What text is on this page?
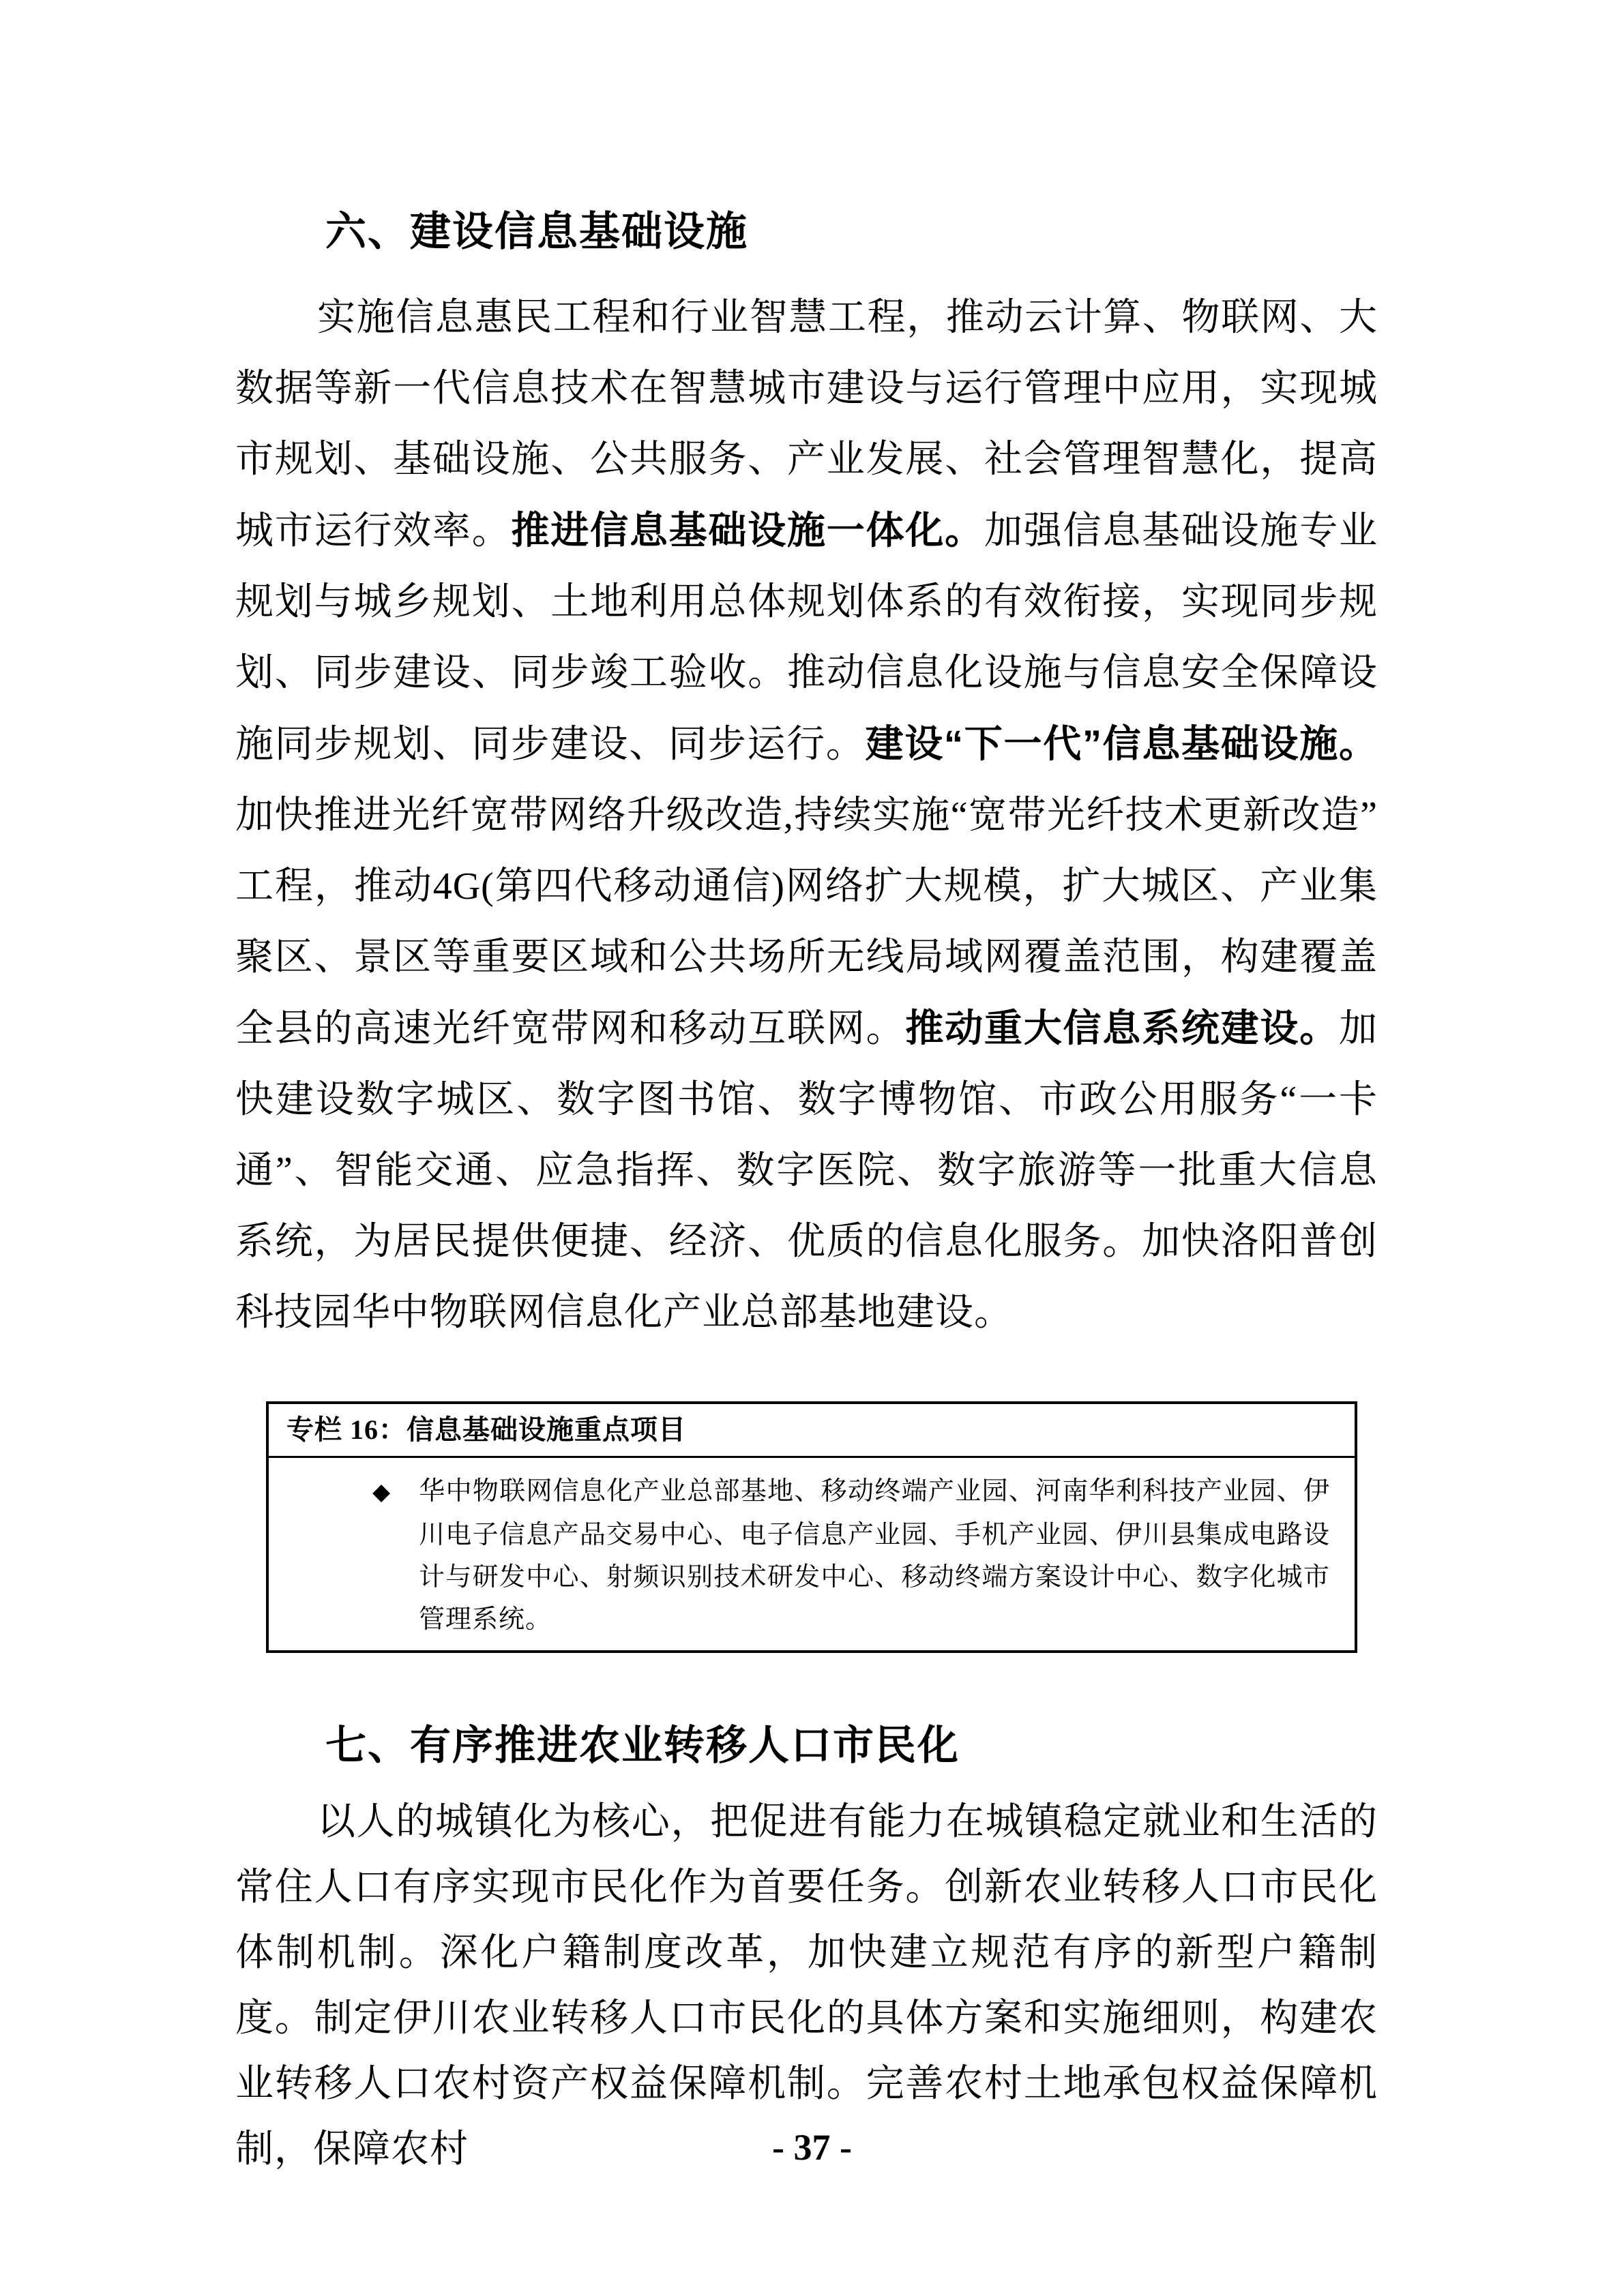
六、建设信息基础设施

实施信息惠民工程和行业智慧工程，推动云计算、物联网、大数据等新一代信息技术在智慧城市建设与运行管理中应用，实现城市规划、基础设施、公共服务、产业发展、社会管理智慧化，提高城市运行效率。推进信息基础设施一体化。加强信息基础设施专业规划与城乡规划、土地利用总体规划体系的有效衔接，实现同步规划、同步建设、同步竣工验收。推动信息化设施与信息安全保障设施同步规划、同步建设、同步运行。建设“下一代”信息基础设施。加快推进光纤宽带网络升级改造,持续实施“宽带光纤技术更新改造”工程，推动4G(第四代移动通信)网络扩大规模，扩大城区、产业集聚区、景区等重要区域和公共场所无线局域网覆盖范围，构建覆盖全县的高速光纤宽带网和移动互联网。推动重大信息系统建设。加快建设数字城区、数字图书馆、数字博物馆、市政公用服务“一卡通”、智能交通、应急指挥、数字医院、数字旅游等一批重大信息系统，为居民提供便捷、经济、优质的信息化服务。加快洛阳普创科技园华中物联网信息化产业总部基地建设。

专栏 16：信息基础设施重点项目
◆ 华中物联网信息化产业总部基地、移动终端产业园、河南华利科技产业园、伊川电子信息产品交易中心、电子信息产业园、手机产业园、伊川县集成电路设计与研发中心、射频识别技术研发中心、移动终端方案设计中心、数字化城市管理系统。
七、有序推进农业转移人口市民化

以人的城镇化为核心，把促进有能力在城镇稳定就业和生活的常住人口有序实现市民化作为首要任务。创新农业转移人口市民化体制机制。深化户籍制度改革，加快建立规范有序的新型户籍制度。制定伊川农业转移人口市民化的具体方案和实施细则，构建农业转移人口农村资产权益保障机制。完善农村土地承包权益保障机制，保障农村	- 37 -
